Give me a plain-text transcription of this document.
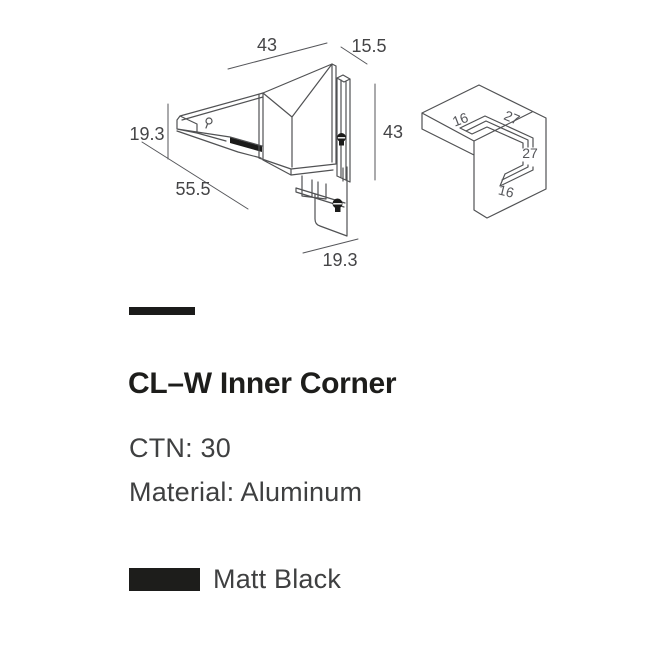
43	15.5
19.3
55.5
43
19.3
16 27
27
16
CL–W Inner Corner
CTN: 30
Material: Aluminum
Matt Black
